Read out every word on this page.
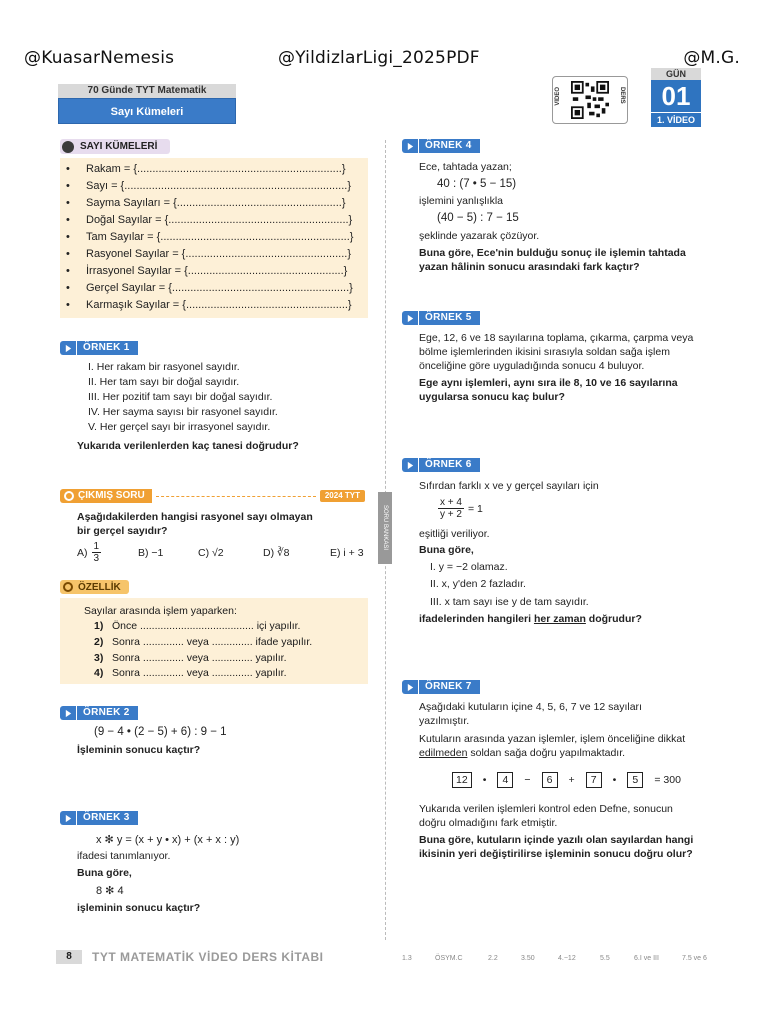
@KuasarNemesis	@YildizlarLigi_2025PDF	@M.G.
70 Günde TYT Matematik
Sayı Kümeleri
VİDEO	DERS
GÜN
01
1. VİDEO
SORU BANKASI
SAYI KÜMELERİ
•	Rakam = {...................................................................}
•	Sayı = {.........................................................................}
•	Sayma Sayıları = {......................................................}
•	Doğal Sayılar = {...........................................................}
•	Tam Sayılar = {..............................................................}
•	Rasyonel Sayılar = {.....................................................}
•	İrrasyonel Sayılar = {...................................................}
•	Gerçel Sayılar = {..........................................................}
•	Karmaşık Sayılar = {.....................................................}
ÖRNEK 1
I. Her rakam bir rasyonel sayıdır.
II. Her tam sayı bir doğal sayıdır.
III. Her pozitif tam sayı bir doğal sayıdır.
IV. Her sayma sayısı bir rasyonel sayıdır.
V. Her gerçel sayı bir irrasyonel sayıdır.
Yukarıda verilenlerden kaç tanesi doğrudur?
ÇIKMIŞ SORU	2024 TYT
Aşağıdakilerden hangisi rasyonel sayı olmayan
bir gerçel sayıdır?
$A) \frac{1}{3}$	B) −1	C) √2	D) ∛8	E) i + 3
ÖZELLİK
Sayılar arasında işlem yaparken:
1) Önce ....................................... içi yapılır.
2) Sonra .............. veya .............. ifade yapılır.
3) Sonra .............. veya .............. yapılır.
4) Sonra .............. veya .............. yapılır.
ÖRNEK 2
(9 − 4 • (2 − 5) + 6) : 9 − 1
İşleminin sonucu kaçtır?
ÖRNEK 3
x ✻ y = (x + y • x) + (x + x : y)
ifadesi tanımlanıyor.
Buna göre,
8 ✻ 4
işleminin sonucu kaçtır?
ÖRNEK 4
Ece, tahtada yazan;
40 : (7 • 5 − 15)
işlemini yanlışlıkla
(40 − 5) : 7 − 15
şeklinde yazarak çözüyor.
Buna göre, Ece'nin bulduğu sonuç ile işlemin tahtada
yazan hâlinin sonucu arasındaki fark kaçtır?
ÖRNEK 5
Ege, 12, 6 ve 18 sayılarına toplama, çıkarma, çarpma veya
bölme işlemlerinden ikisini sırasıyla soldan sağa işlem
önceliğine göre uyguladığında sonucu 4 buluyor.
Ege aynı işlemleri, aynı sıra ile 8, 10 ve 16 sayılarına
uygularsa sonucu kaç bulur?
ÖRNEK 6
Sıfırdan farklı x ve y gerçel sayıları için
$\frac{x + 4}{y + 2} = 1$
eşitliği veriliyor.
Buna göre,
I. y = −2 olamaz.
II. x, y'den 2 fazladır.
III. x tam sayı ise y de tam sayıdır.
ifadelerinden hangileri her zaman doğrudur?
ÖRNEK 7
Aşağıdaki kutuların içine 4, 5, 6, 7 ve 12 sayıları
yazılmıştır.
Kutuların arasında yazan işlemler, işlem önceliğine dikkat
edilmeden soldan sağa doğru yapılmaktadır.
12	•	4	−	6	+	7	•	5	= 300
Yukarıda verilen işlemleri kontrol eden Defne, sonucun
doğru olmadığını fark etmiştir.
Buna göre, kutuların içinde yazılı olan sayılardan hangi
ikisinin yeri değiştirilirse işleminin sonucu doğru olur?
8	TYT MATEMATİK VİDEO DERS KİTABI	1.3	ÖSYM.C	2.2	3.50	4.−12	5.5	6.I ve III	7.5 ve 6
